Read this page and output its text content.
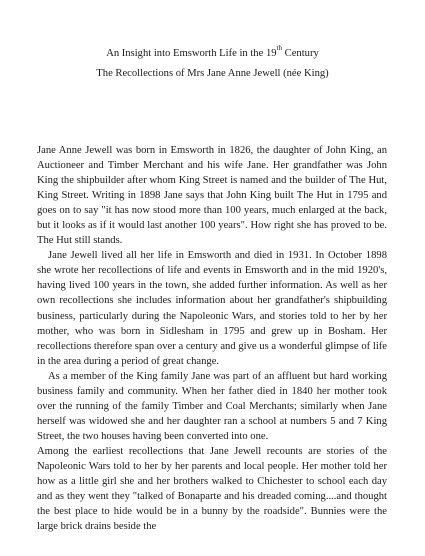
An Insight into Emsworth Life in the 19th Century
The Recollections of Mrs Jane Anne Jewell (née King)

Jane Anne Jewell was born in Emsworth in 1826, the daughter of John King, an Auctioneer and Timber Merchant and his wife Jane. Her grandfather was John King the shipbuilder after whom King Street is named and the builder of The Hut, King Street. Writing in 1898 Jane says that John King built The Hut in 1795 and goes on to say "it has now stood more than 100 years, much enlarged at the back, but it looks as if it would last another 100 years". How right she has proved to be. The Hut still stands.

Jane Jewell lived all her life in Emsworth and died in 1931. In October 1898 she wrote her recollections of life and events in Emsworth and in the mid 1920's, having lived 100 years in the town, she added further information. As well as her own recollections she includes information about her grandfather's shipbuilding business, particularly during the Napoleonic Wars, and stories told to her by her mother, who was born in Sidlesham in 1795 and grew up in Bosham. Her recollections therefore span over a century and give us a wonderful glimpse of life in the area during a period of great change.

As a member of the King family Jane was part of an affluent but hard working business family and community. When her father died in 1840 her mother took over the running of the family Timber and Coal Merchants; similarly when Jane herself was widowed she and her daughter ran a school at numbers 5 and 7 King Street, the two houses having been converted into one.

Among the earliest recollections that Jane Jewell recounts are stories of the Napoleonic Wars told to her by her parents and local people. Her mother told her how as a little girl she and her brothers walked to Chichester to school each day and as they went they "talked of Bonaparte and his dreaded coming....and thought the best place to hide would be in a bunny by the roadside". Bunnies were the large brick drains beside the
